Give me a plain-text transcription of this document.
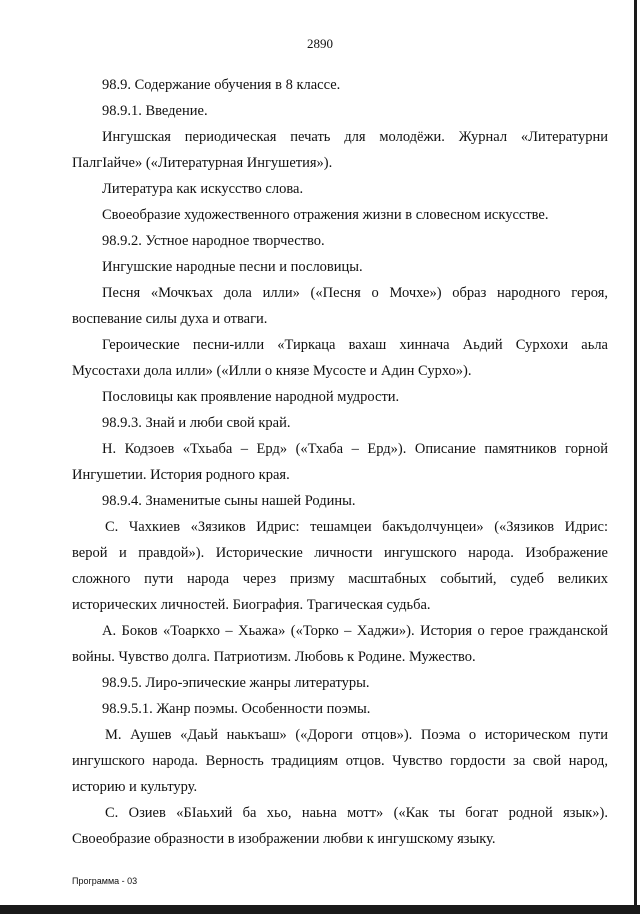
2890
98.9. Содержание обучения в 8 классе.
98.9.1. Введение.
Ингушская периодическая печать для молодёжи. Журнал «Литературни
ПалгIайче» («Литературная Ингушетия»).
Литература как искусство слова.
Своеобразие художественного отражения жизни в словесном искусстве.
98.9.2. Устное народное творчество.
Ингушские народные песни и пословицы.
Песня «Мочкъах дола илли» («Песня о Мочхе») образ народного героя,
воспевание силы духа и отваги.
Героические песни-илли «Тиркаца вахаш хиннача Аьдий Сурхохи аьла
Мусостахи дола илли» («Илли о князе Мусосте и Адин Сурхо»).
Пословицы как проявление народной мудрости.
98.9.3. Знай и люби свой край.
Н. Кодзоев «Тхьаба – Ерд» («Тхаба – Ерд»). Описание памятников горной
Ингушетии. История родного края.
98.9.4. Знаменитые сыны нашей Родины.
С. Чахкиев «Зязиков Идрис: тешамцеи бакъдолчунцеи» («Зязиков Идрис:
верой и правдой»). Исторические личности ингушского народа. Изображение
сложного пути народа через призму масштабных событий, судеб великих
исторических личностей. Биография. Трагическая судьба.
А. Боков «Тоаркхо – Хьажа» («Торко – Хаджи»). История о герое гражданской
войны. Чувство долга. Патриотизм. Любовь к Родине. Мужество.
98.9.5. Лиро-эпические жанры литературы.
98.9.5.1. Жанр поэмы. Особенности поэмы.
М. Аушев «Даьй наькъаш» («Дороги отцов»). Поэма о историческом пути
ингушского народа. Верность традициям отцов. Чувство гордости за свой народ,
историю и культуру.
С. Озиев «БIаьхий ба хьо, наьна мотт» («Как ты богат родной язык»).
Своеобразие образности в изображении любви к ингушскому языку.
Программа - 03
